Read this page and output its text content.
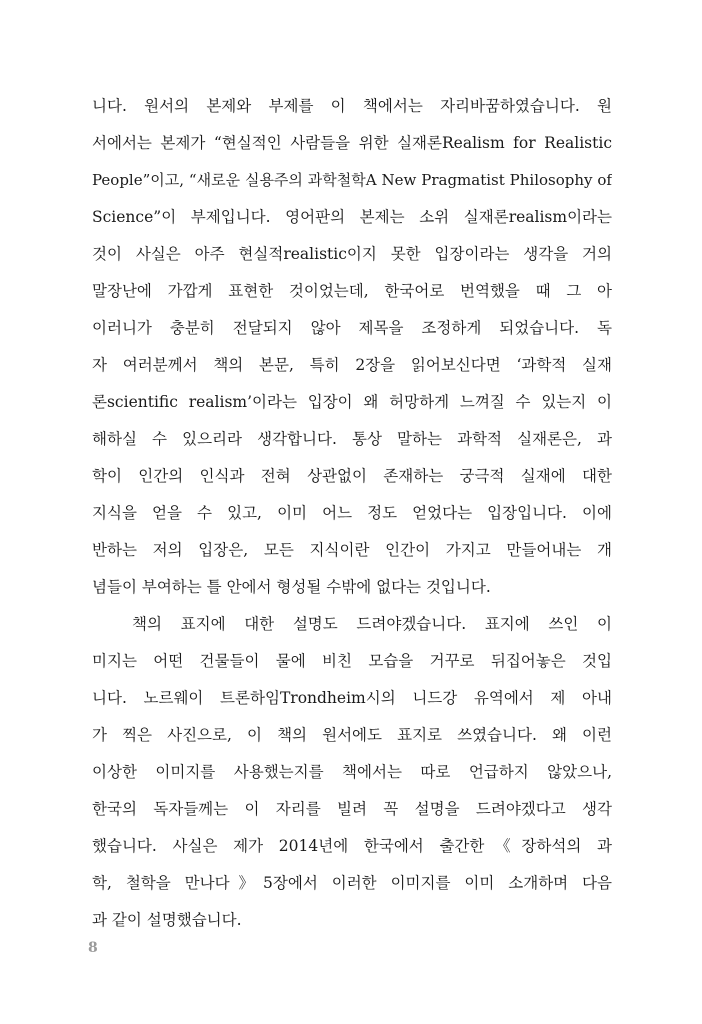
니다. 원서의 본제와 부제를 이 책에서는 자리바꿈하였습니다. 원
서에서는 본제가 “현실적인 사람들을 위한 실재론Realism for Realistic
People”이고, “새로운 실용주의 과학철학A New Pragmatist Philosophy of
Science”이 부제입니다. 영어판의 본제는 소위 실재론realism이라는
것이 사실은 아주 현실적realistic이지 못한 입장이라는 생각을 거의
말장난에 가깝게 표현한 것이었는데, 한국어로 번역했을 때 그 아
이러니가 충분히 전달되지 않아 제목을 조정하게 되었습니다. 독
자 여러분께서 책의 본문, 특히 2장을 읽어보신다면 ‘과학적 실재
론scientific realism’이라는 입장이 왜 허망하게 느껴질 수 있는지 이
해하실 수 있으리라 생각합니다. 통상 말하는 과학적 실재론은, 과
학이 인간의 인식과 전혀 상관없이 존재하는 궁극적 실재에 대한
지식을 얻을 수 있고, 이미 어느 정도 얻었다는 입장입니다. 이에
반하는 저의 입장은, 모든 지식이란 인간이 가지고 만들어내는 개
념들이 부여하는 틀 안에서 형성될 수밖에 없다는 것입니다.
책의 표지에 대한 설명도 드려야겠습니다. 표지에 쓰인 이
미지는 어떤 건물들이 물에 비친 모습을 거꾸로 뒤집어놓은 것입
니다. 노르웨이 트론하임Trondheim시의 니드강 유역에서 제 아내
가 찍은 사진으로, 이 책의 원서에도 표지로 쓰였습니다. 왜 이런
이상한 이미지를 사용했는지를 책에서는 따로 언급하지 않았으나,
한국의 독자들께는 이 자리를 빌려 꼭 설명을 드려야겠다고 생각
했습니다. 사실은 제가 2014년에 한국에서 출간한《장하석의 과
학, 철학을 만나다》5장에서 이러한 이미지를 이미 소개하며 다음
과 같이 설명했습니다.
8
